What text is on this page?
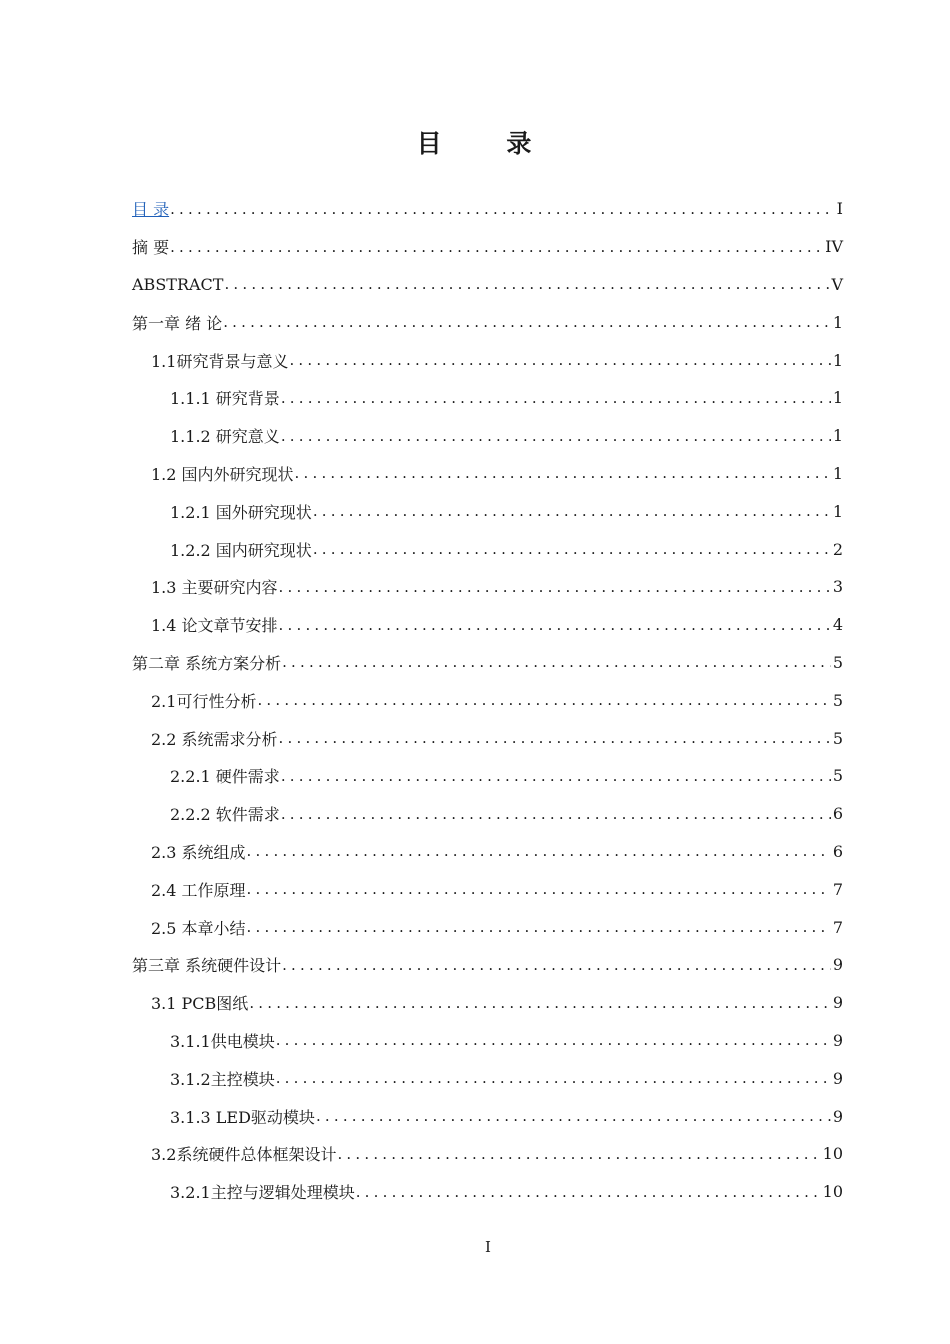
目 录
目 录 .....	I
摘 要 .....	IV
ABSTRACT .....	V
第一章 绪 论 .....	1
1.1研究背景与意义 .....	1
1.1.1 研究背景 .....	1
1.1.2 研究意义 .....	1
1.2 国内外研究现状 .....	1
1.2.1 国外研究现状 .....	1
1.2.2 国内研究现状 .....	2
1.3 主要研究内容 .....	3
1.4 论文章节安排 .....	4
第二章 系统方案分析 .....	5
2.1可行性分析 .....	5
2.2 系统需求分析 .....	5
2.2.1 硬件需求 .....	5
2.2.2 软件需求 .....	6
2.3 系统组成 .....	6
2.4 工作原理 .....	7
2.5 本章小结 .....	7
第三章 系统硬件设计 .....	9
3.1 PCB图纸 .....	9
3.1.1供电模块 .....	9
3.1.2主控模块 .....	9
3.1.3 LED驱动模块 .....	9
3.2系统硬件总体框架设计 .....	10
3.2.1主控与逻辑处理模块 .....	10
I
